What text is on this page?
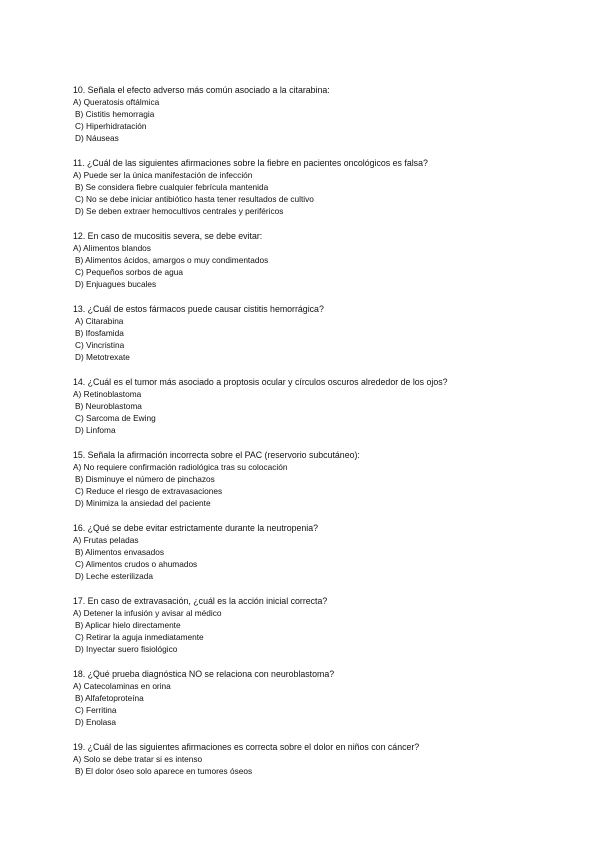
10. Señala el efecto adverso más común asociado a la citarabina:
A) Queratosis oftálmica
B) Cistitis hemorragia
C) Hiperhidratación
D) Náuseas
11. ¿Cuál de las siguientes afirmaciones sobre la fiebre en pacientes oncológicos es falsa?
A) Puede ser la única manifestación de infección
B) Se considera fiebre cualquier febrícula mantenida
C) No se debe iniciar antibiótico hasta tener resultados de cultivo
D) Se deben extraer hemocultivos centrales y periféricos
12. En caso de mucositis severa, se debe evitar:
A) Alimentos blandos
B) Alimentos ácidos, amargos o muy condimentados
C) Pequeños sorbos de agua
D) Enjuagues bucales
13. ¿Cuál de estos fármacos puede causar cistitis hemorrágica?
A) Citarabina
B) Ifosfamida
C) Vincristina
D) Metotrexate
14. ¿Cuál es el tumor más asociado a proptosis ocular y círculos oscuros alrededor de los ojos?
A) Retinoblastoma
B) Neuroblastoma
C) Sarcoma de Ewing
D) Linfoma
15. Señala la afirmación incorrecta sobre el PAC (reservorio subcutáneo):
A) No requiere confirmación radiológica tras su colocación
B) Disminuye el número de pinchazos
C) Reduce el riesgo de extravasaciones
D) Minimiza la ansiedad del paciente
16. ¿Qué se debe evitar estrictamente durante la neutropenia?
A) Frutas peladas
B) Alimentos envasados
C) Alimentos crudos o ahumados
D) Leche esterilizada
17. En caso de extravasación, ¿cuál es la acción inicial correcta?
A) Detener la infusión y avisar al médico
B) Aplicar hielo directamente
C) Retirar la aguja inmediatamente
D) Inyectar suero fisiológico
18. ¿Qué prueba diagnóstica NO se relaciona con neuroblastoma?
A) Catecolaminas en orina
B) Alfafetoproteína
C) Ferritina
D) Enolasa
19. ¿Cuál de las siguientes afirmaciones es correcta sobre el dolor en niños con cáncer?
A) Solo se debe tratar si es intenso
B) El dolor óseo solo aparece en tumores óseos
